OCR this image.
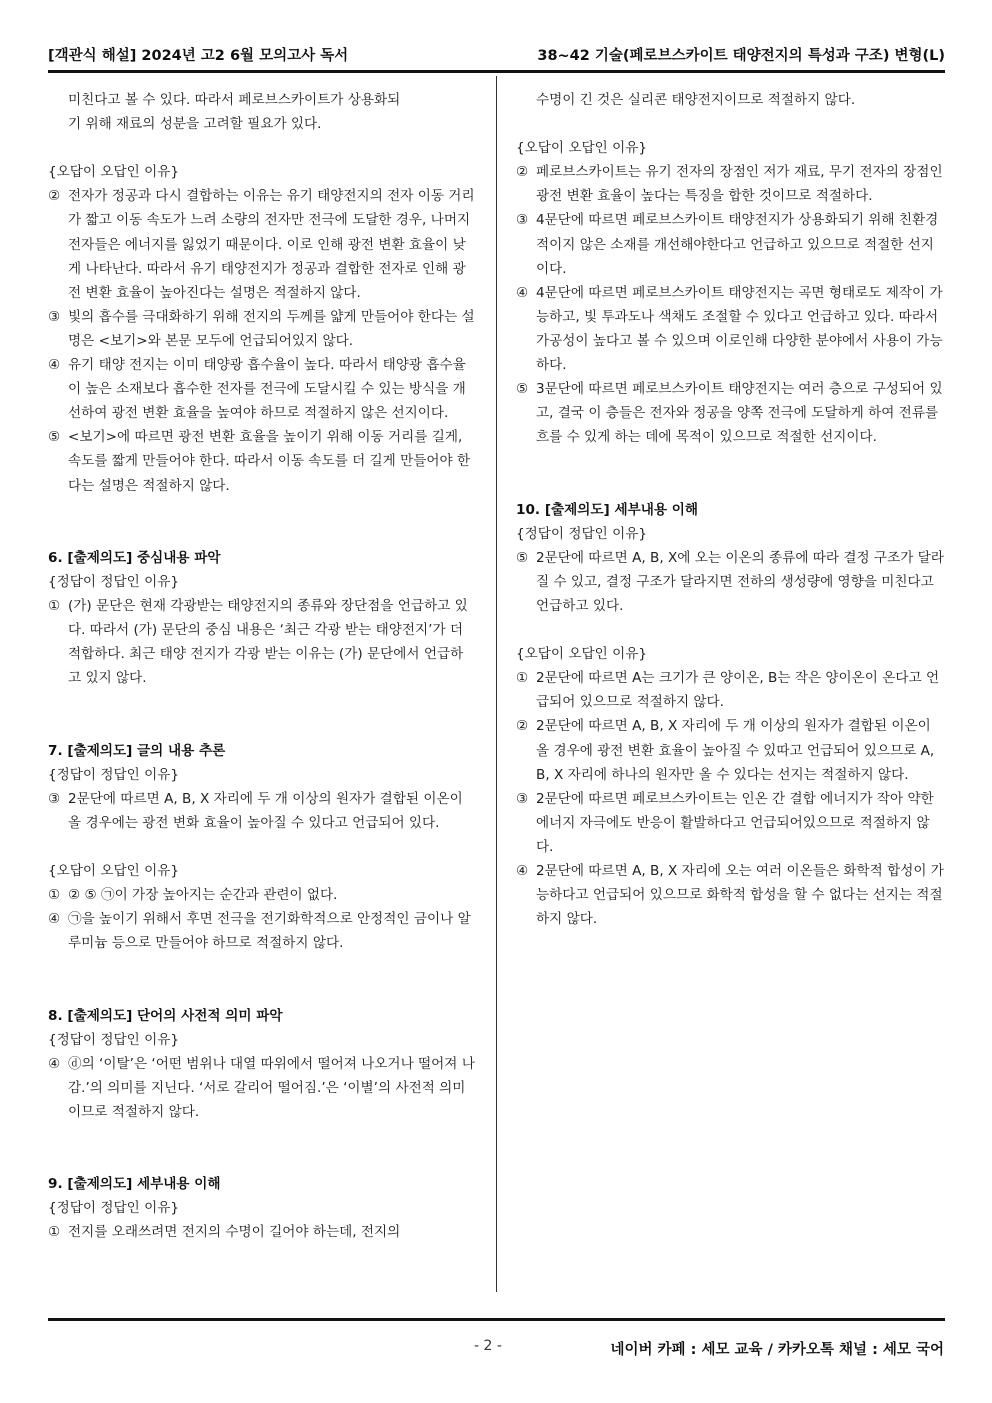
[객관식 해설] 2024년 고2 6월 모의고사 독서	38~42 기술(페로브스카이트 태양전지의 특성과 구조) 변형(L)

미친다고 볼 수 있다. 따라서 페로브스카이트가 상용화되

기 위해 재료의 성분을 고려할 필요가 있다.

{오답이 오답인 이유}

② 전자가 정공과 다시 결합하는 이유는 유기 태양전지의 전자 이동 거리가 짧고 이동 속도가 느려 소량의 전자만 전극에 도달한 경우, 나머지 전자들은 에너지를 잃었기 때문이다. 이로 인해 광전 변환 효율이 낮게 나타난다. 따라서 유기 태양전지가 정공과 결합한 전자로 인해 광전 변환 효율이 높아진다는 설명은 적절하지 않다.
③ 빛의 흡수를 극대화하기 위해 전지의 두께를 얇게 만들어야 한다는 설명은 <보기>와 본문 모두에 언급되어있지 않다.
④ 유기 태양 전지는 이미 태양광 흡수율이 높다. 따라서 태양광 흡수율이 높은 소재보다 흡수한 전자를 전극에 도달시킬 수 있는 방식을 개선하여 광전 변환 효율을 높여야 하므로 적절하지 않은 선지이다.
⑤ <보기>에 따르면 광전 변환 효율을 높이기 위해 이동 거리를 길게, 속도를 짧게 만들어야 한다. 따라서 이동 속도를 더 길게 만들어야 한다는 설명은 적절하지 않다.

6. [출제의도] 중심내용 파악

{정답이 정답인 이유}

① (가) 문단은 현재 각광받는 태양전지의 종류와 장단점을 언급하고 있다. 따라서 (가) 문단의 중심 내용은 ‘최근 각광 받는 태양전지’가 더 적합하다. 최근 태양 전지가 각광 받는 이유는 (가) 문단에서 언급하고 있지 않다.

7. [출제의도] 글의 내용 추론

{정답이 정답인 이유}

③ 2문단에 따르면 A, B, X 자리에 두 개 이상의 원자가 결합된 이온이 올 경우에는 광전 변화 효율이 높아질 수 있다고 언급되어 있다.

{오답이 오답인 이유}

① ② ⑤ ㉠이 가장 높아지는 순간과 관련이 없다.
④ ㉠을 높이기 위해서 후면 전극을 전기화학적으로 안정적인 금이나 알루미늄 등으로 만들어야 하므로 적절하지 않다.

8. [출제의도] 단어의 사전적 의미 파악

{정답이 정답인 이유}

④ ⓓ의 ‘이탈’은 ‘어떤 범위나 대열 따위에서 떨어져 나오거나 떨어져 나감.’의 의미를 지닌다. ‘서로 갈리어 떨어짐.’은 ‘이별’의 사전적 의미이므로 적절하지 않다.

9. [출제의도] 세부내용 이해

{정답이 정답인 이유}

① 전지를 오래쓰려면 전지의 수명이 길어야 하는데, 전지의

수명이 긴 것은 실리콘 태양전지이므로 적절하지 않다.

{오답이 오답인 이유}

② 페로브스카이트는 유기 전자의 장점인 저가 재료, 무기 전자의 장점인 광전 변환 효율이 높다는 특징을 합한 것이므로 적절하다.
③ 4문단에 따르면 페로브스카이트 태양전지가 상용화되기 위해 친환경적이지 않은 소재를 개선해야한다고 언급하고 있으므로 적절한 선지이다.
④ 4문단에 따르면 페로브스카이트 태양전지는 곡면 형태로도 제작이 가능하고, 빛 투과도나 색채도 조절할 수 있다고 언급하고 있다. 따라서 가공성이 높다고 볼 수 있으며 이로인해 다양한 분야에서 사용이 가능하다.
⑤ 3문단에 따르면 페로브스카이트 태양전지는 여러 층으로 구성되어 있고, 결국 이 층들은 전자와 정공을 양쪽 전극에 도달하게 하여 전류를 흐를 수 있게 하는 데에 목적이 있으므로 적절한 선지이다.

10. [출제의도] 세부내용 이해

{정답이 정답인 이유}

⑤ 2문단에 따르면 A, B, X에 오는 이온의 종류에 따라 결정 구조가 달라질 수 있고, 결정 구조가 달라지면 전하의 생성량에 영향을 미친다고 언급하고 있다.

{오답이 오답인 이유}

① 2문단에 따르면 A는 크기가 큰 양이온, B는 작은 양이온이 온다고 언급되어 있으므로 적절하지 않다.
② 2문단에 따르면 A, B, X 자리에 두 개 이상의 원자가 결합된 이온이 올 경우에 광전 변환 효율이 높아질 수 있따고 언급되어 있으므로 A, B, X 자리에 하나의 원자만 올 수 있다는 선지는 적절하지 않다.
③ 2문단에 따르면 페로브스카이트는 인온 간 결합 에너지가 작아 약한 에너지 자극에도 반응이 활발하다고 언급되어있으므로 적절하지 않다.
④ 2문단에 따르면 A, B, X 자리에 오는 여러 이온들은 화학적 합성이 가능하다고 언급되어 있으므로 화학적 합성을 할 수 없다는 선지는 적절하지 않다.
- 2 -	네이버 카페 : 세모 교육 / 카카오톡 채널 : 세모 국어
